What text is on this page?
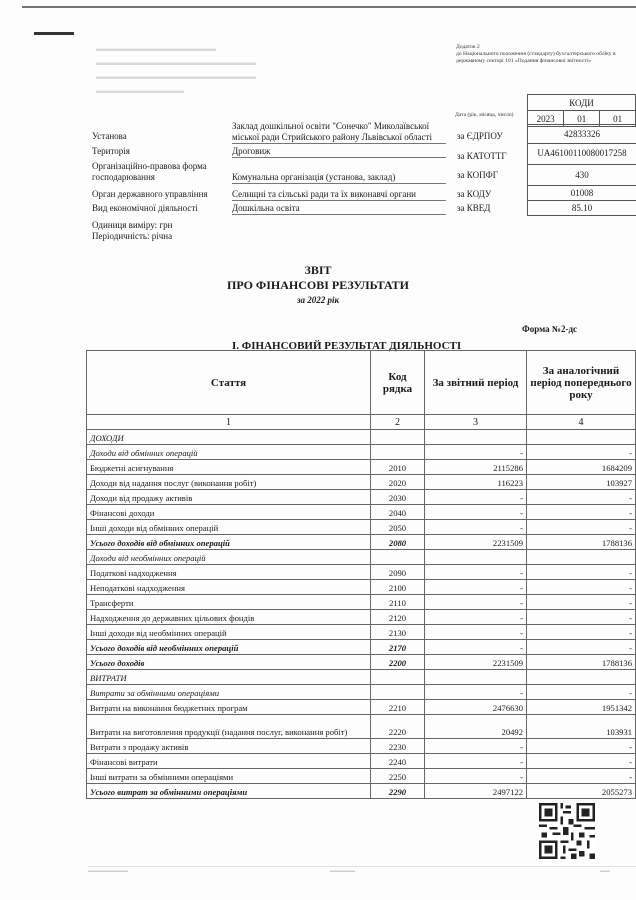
▬▬▬▬▬▬▬▬▬▬▬▬▬▬▬
▬▬▬▬▬▬▬▬▬▬▬▬▬▬▬▬▬▬▬▬
▬▬▬▬▬▬▬▬▬▬▬▬▬▬▬▬▬▬▬▬
▬▬▬▬▬▬▬▬▬▬▬
Додаток 2
до Національного положення (стандарту) бухгалтерського обліку в державному секторі 101 «Подання фінансової звітності»
Дата (рік, місяць, число)
КОДИ
2023	01	01
Установа
Заклад дошкільної освіти "Сонечко" Миколаївської міської ради Стрийського району Львівської області
Територія	Дроговиж
Організаційно-правова форма господарювання	Комунальна організація (установа, заклад)
Орган державного управління	Селищні та сільські ради та їх виконавчі органи
Вид економічної діяльності	Дошкільна освіта
Одиниця виміру: грн
Періодичність: річна
за ЄДРПОУ	42833326
за КАТОТТГ	UA46100110080017258
за КОПФГ	430
за КОДУ	01008
за КВЕД	85.10
ЗВІТ
ПРО ФІНАНСОВІ РЕЗУЛЬТАТИ
за 2022 рік
Форма №2-дс
I. ФІНАНСОВИЙ РЕЗУЛЬТАТ ДІЯЛЬНОСТІ
Стаття	Код рядка	За звітний період	За аналогічний період попереднього року
1	2	3	4
ДОХОДИ			
Доходи від обмінних операцій		-	-
Бюджетні асигнування	2010	2115286	1684209
Доходи від надання послуг (виконання робіт)	2020	116223	103927
Доходи від продажу активів	2030	-	-
Фінансові доходи	2040	-	-
Інші доходи від обмінних операцій	2050	-	-
Усього доходів від обмінних операцій	2080	2231509	1788136
Доходи від необмінних операцій			
Податкові надходження	2090	-	-
Неподаткові надходження	2100	-	-
Трансферти	2110	-	-
Надходження до державних цільових фондів	2120	-	-
Інші доходи від необмінних операцій	2130	-	-
Усього доходів від необмінних операцій	2170	-	-
Усього доходів	2200	2231509	1788136
ВИТРАТИ			
Витрати за обмінними операціями		-	-
Витрати на виконання бюджетних програм	2210	2476630	1951342
Витрати на виготовлення продукції (надання послуг, виконання робіт)	2220	20492	103931
Витрати з продажу активів	2230	-	-
Фінансові витрати	2240	-	-
Інші витрати за обмінними операціями	2250	-	-
Усього витрат за обмінними операціями	2290	2497122	2055273
▬▬▬▬▬▬▬▬	▬▬▬▬▬	▬▬
